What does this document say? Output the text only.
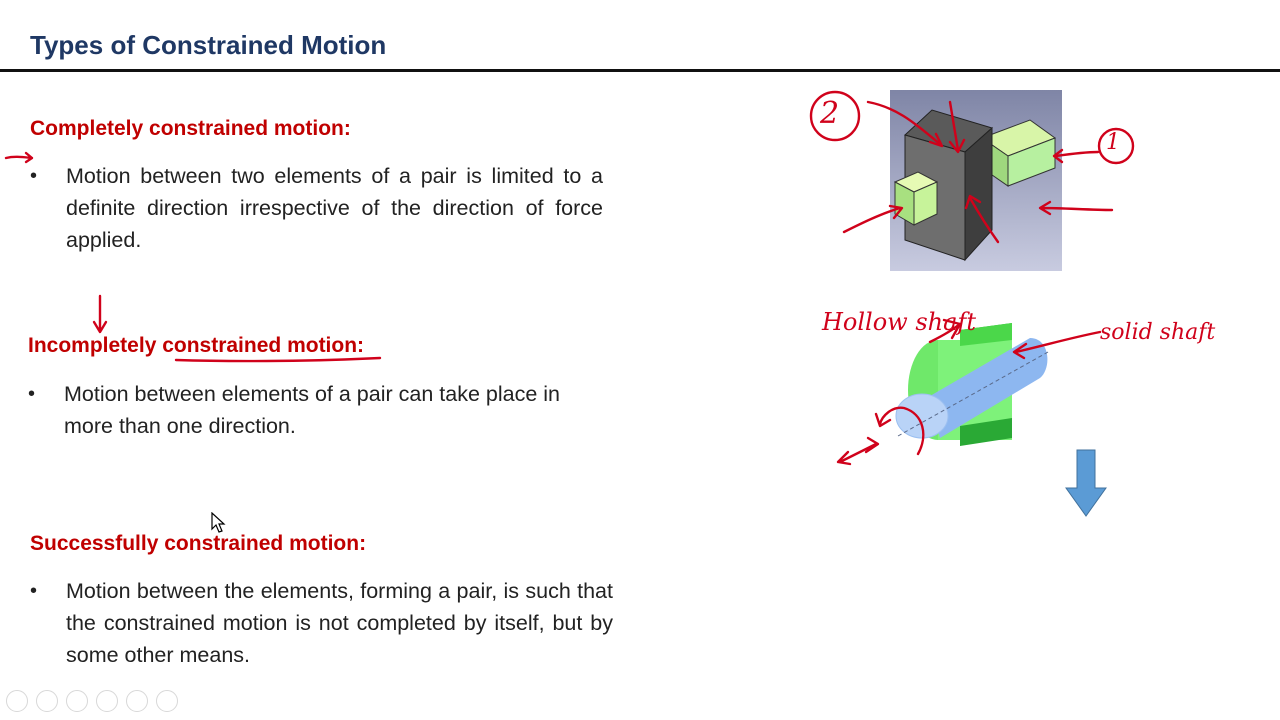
Types of Constrained Motion
Completely constrained motion:
• Motion between two elements of a pair is limited to a definite direction irrespective of the direction of force applied.
Incompletely constrained motion:
• Motion between elements of a pair can take place in more than one direction.
Successfully constrained motion:
• Motion between the elements, forming a pair, is such that the constrained motion is not completed by itself, but by some other means.
2
1
Hollow shaft	solid shaft
